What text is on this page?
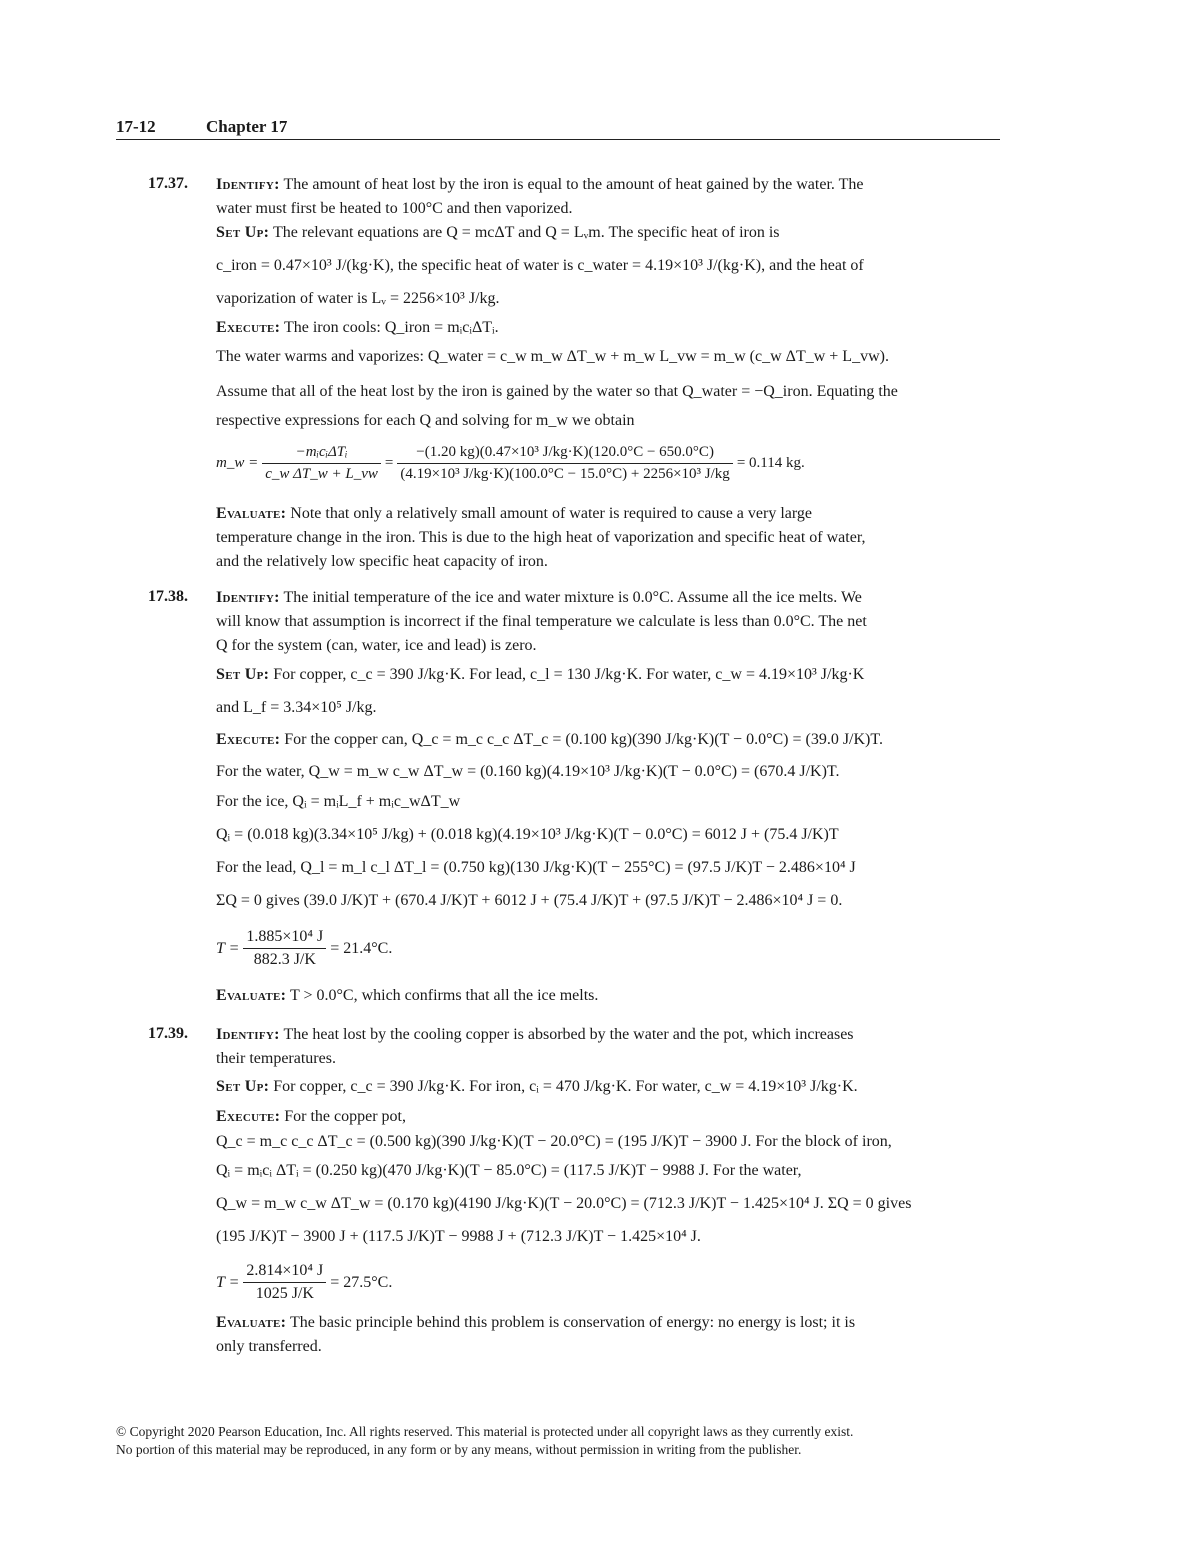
17-12	Chapter 17
17.37. Identify: The amount of heat lost by the iron is equal to the amount of heat gained by the water. The
water must first be heated to 100°C and then vaporized.
Set Up: The relevant equations are Q = mcΔT and Q = Lᵥm. The specific heat of iron is
c_iron = 0.47×10³ J/(kg·K), the specific heat of water is c_water = 4.19×10³ J/(kg·K), and the heat of
vaporization of water is Lᵥ = 2256×10³ J/kg.
Execute: The iron cools: Q_iron = mᵢcᵢΔTᵢ.
The water warms and vaporizes: Q_water = c_w m_w ΔT_w + m_w L_vw = m_w (c_w ΔT_w + L_vw).
Assume that all of the heat lost by the iron is gained by the water so that Q_water = −Q_iron. Equating the
respective expressions for each Q and solving for m_w we obtain
m_w = $\frac{\text{−mᵢcᵢΔTᵢ}}{\text{c\_w ΔT\_w + L\_vw}} = \frac{\text{−(1.20 kg)(0.47×10³ J/kg·K)(120.0°C − 650.0°C)}}{\text{(4.19×10³ J/kg·K)(100.0°C − 15.0°C) + 2256×10³ J/kg}} = 0.114$ kg.
Evaluate: Note that only a relatively small amount of water is required to cause a very large
temperature change in the iron. This is due to the high heat of vaporization and specific heat of water,
and the relatively low specific heat capacity of iron.
17.38. Identify: The initial temperature of the ice and water mixture is 0.0°C. Assume all the ice melts. We
will know that assumption is incorrect if the final temperature we calculate is less than 0.0°C. The net
Q for the system (can, water, ice and lead) is zero.
Set Up: For copper, c_c = 390 J/kg·K. For lead, c_l = 130 J/kg·K. For water, c_w = 4.19×10³ J/kg·K
and L_f = 3.34×10⁵ J/kg.
Execute: For the copper can, Q_c = m_c c_c ΔT_c = (0.100 kg)(390 J/kg·K)(T − 0.0°C) = (39.0 J/K)T.
For the water, Q_w = m_w c_w ΔT_w = (0.160 kg)(4.19×10³ J/kg·K)(T − 0.0°C) = (670.4 J/K)T.
For the ice, Qᵢ = mᵢL_f + mᵢc_wΔT_w
Qᵢ = (0.018 kg)(3.34×10⁵ J/kg) + (0.018 kg)(4.19×10³ J/kg·K)(T − 0.0°C) = 6012 J + (75.4 J/K)T
For the lead, Q_l = m_l c_l ΔT_l = (0.750 kg)(130 J/kg·K)(T − 255°C) = (97.5 J/K)T − 2.486×10⁴ J
ΣQ = 0 gives (39.0 J/K)T + (670.4 J/K)T + 6012 J + (75.4 J/K)T + (97.5 J/K)T − 2.486×10⁴ J = 0.
$T = \frac{\text{1.885×10⁴ J}}{882.3 J/K} = 21.4^\circ C$.
Evaluate: T > 0.0°C, which confirms that all the ice melts.
17.39. Identify: The heat lost by the cooling copper is absorbed by the water and the pot, which increases
their temperatures.
Set Up: For copper, c_c = 390 J/kg·K. For iron, cᵢ = 470 J/kg·K. For water, c_w = 4.19×10³ J/kg·K.
Execute: For the copper pot,
Q_c = m_c c_c ΔT_c = (0.500 kg)(390 J/kg·K)(T − 20.0°C) = (195 J/K)T − 3900 J. For the block of iron,
Qᵢ = mᵢcᵢ ΔTᵢ = (0.250 kg)(470 J/kg·K)(T − 85.0°C) = (117.5 J/K)T − 9988 J. For the water,
Q_w = m_w c_w ΔT_w = (0.170 kg)(4190 J/kg·K)(T − 20.0°C) = (712.3 J/K)T − 1.425×10⁴ J. ΣQ = 0 gives
(195 J/K)T − 3900 J + (117.5 J/K)T − 9988 J + (712.3 J/K)T − 1.425×10⁴ J.
$T = \frac{\text{2.814×10⁴ J}}{1025 J/K} = 27.5^\circ C$.
Evaluate: The basic principle behind this problem is conservation of energy: no energy is lost; it is
only transferred.
© Copyright 2020 Pearson Education, Inc. All rights reserved. This material is protected under all copyright laws as they currently exist.
No portion of this material may be reproduced, in any form or by any means, without permission in writing from the publisher.
